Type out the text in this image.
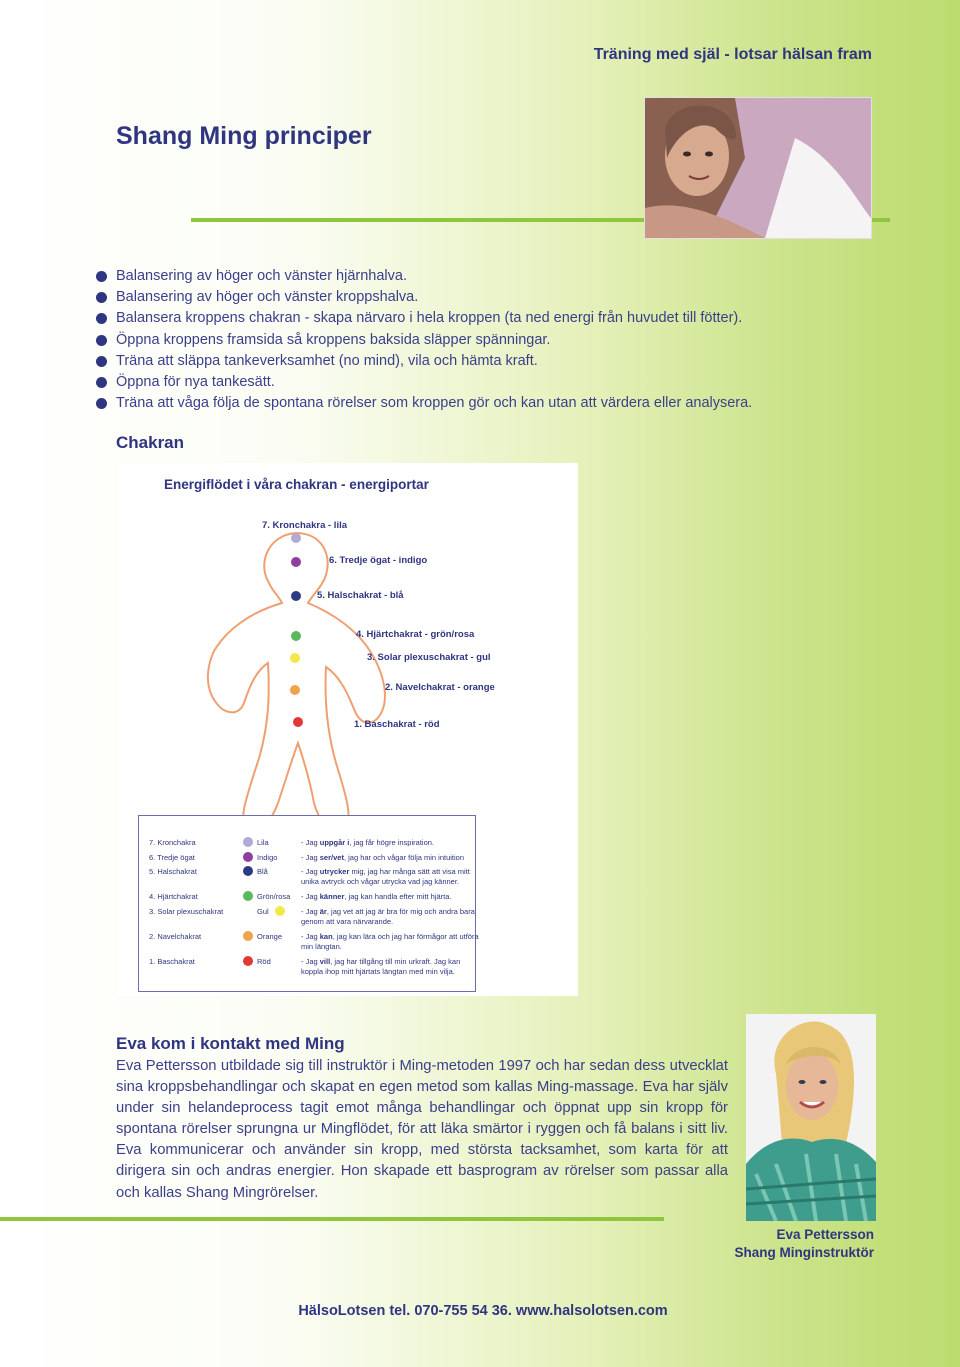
Träning med själ - lotsar hälsan fram
Shang Ming principer
Balansering av höger och vänster hjärnhalva.
Balansering av höger och vänster kroppshalva.
Balansera kroppens chakran - skapa närvaro i hela kroppen (ta ned energi från huvudet till fötter).
Öppna kroppens framsida så kroppens baksida släpper spänningar.
Träna att släppa tankeverksamhet (no mind), vila och hämta kraft.
Öppna för nya tankesätt.
Träna att våga följa de spontana rörelser som kroppen gör och kan utan att värdera eller analysera.
Chakran
Energiflödet i våra chakran - energiportar
7. Kronchakra - lila
6. Tredje ögat - indigo
5. Halschakrat - blå
4. Hjärtchakrat - grön/rosa
3. Solar plexuschakrat - gul
2. Navelchakrat - orange
1. Baschakrat - röd
7. Kronchakra	Lila	- Jag uppgår i, jag får högre inspiration.
6. Tredje ögat	Indigo	- Jag ser/vet, jag har och vågar följa min intuition
5. Halschakrat	Blå	- Jag utrycker mig, jag har många sätt att visa mitt unika avtryck och vågar utrycka vad jag känner.
4. Hjärtchakrat	Grön/rosa - Jag känner, jag kan handla efter mitt hjärta.
3. Solar plexuschakrat	Gul	- Jag är, jag vet att jag är bra för mig och andra bara genom att vara närvarande.
2. Navelchakrat	Orange	- Jag kan, jag kan lära och jag har förmågor att utföra min längtan.
1. Baschakrat	Röd	- Jag vill, jag har tillgång till min urkraft. Jag kan koppla ihop mitt hjärtats längtan med min vilja.
Eva kom i kontakt med Ming
Eva Pettersson utbildade sig till instruktör i Ming-metoden 1997 och har sedan dess utvecklat sina kroppsbehandlingar och skapat en egen metod som kallas Ming-massage. Eva har själv under sin helandeprocess tagit emot många behandlingar och öppnat upp sin kropp för spontana rörelser sprungna ur Mingflödet, för att läka smärtor i ryggen och få balans i sitt liv. Eva kommunicerar och använder sin kropp, med största tacksamhet, som karta för att dirigera sin och andras energier. Hon skapade ett basprogram av rörelser som passar alla och kallas Shang Mingrörelser.
Eva Pettersson
Shang Minginstruktör
HälsoLotsen tel. 070-755 54 36. www.halsolotsen.com
